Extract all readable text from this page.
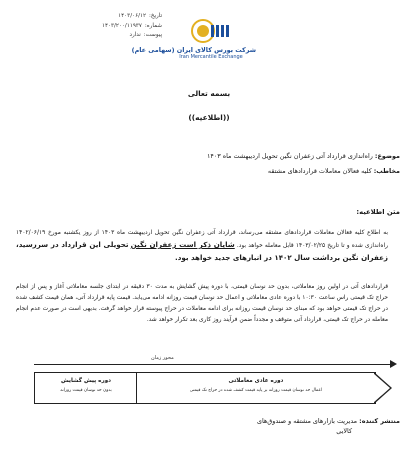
تاریخ:
۱۴۰۳/۰۶/۱۲
شماره:
۱۴۰۳/۲۰۰/۱۱۹۳۷
پیوست:
ندارد
شرکت بورس کالای ایران (سهامی عام)
Iran Mercantile Exchange
بسمه تعالی
((اطلاعیه))
موضوع: راه‌اندازی قرارداد آتی زعفران نگین تحویل اردیبهشت ماه ۱۴۰۳
مخاطب: کلیه فعالان معاملات قراردادهای مشتقه
متن اطلاعیه:
به اطلاع کلیه فعالان معاملات قراردادهای مشتقه می‌رساند، قرارداد آتی زعفران نگین تحویل اردیبهشت ماه ۱۴۰۳ از روز یکشنبه مورخ ۱۴۰۲/۰۶/۱۹ راه‌اندازی شده و تا تاریخ ۱۴۰۳/۰۲/۲۵ قابل معامله خواهد بود. شایان ذکر است زعفران نگین تحویلی این قرارداد در سررسید، زعفران نگین برداشت سال ۱۴۰۲ در انبارهای جدید خواهد بود.
قراردادهای آتی در اولین روز معاملاتی، بدون حد نوسان قیمتی، با دوره پیش گشایش به مدت ۳۰ دقیقه در ابتدای جلسه معاملاتی آغاز و پس از انجام حراج تک قیمتی راس ساعت ۱۰:۳۰ با دوره عادی معاملاتی و اعمال حد نوسان قیمت روزانه ادامه می‌یابد. قیمت پایه قرارداد آتی، همان قیمت کشف شده در حراج تک قیمتی خواهد بود که مبنای حد نوسان قیمت روزانه برای ادامه معاملات در حراج پیوسته قرار خواهد گرفت. بدیهی است در صورت عدم انجام معامله در حراج تک قیمتی، قرارداد آتی متوقف و مجدداً ضمن فرآیند روز کاری بعد تکرار خواهد شد.
محور زمان
دوره پیش گشایش
بدون حد نوسان قیمت روزانه
دوره عادی معاملاتی
اعمال حد نوسان قیمت روزانه بر پایه قیمت کشف شده در حراج تک قیمتی
منتشر کننده: مدیریت بازارهای مشتقه و صندوق‌های
کالایی
